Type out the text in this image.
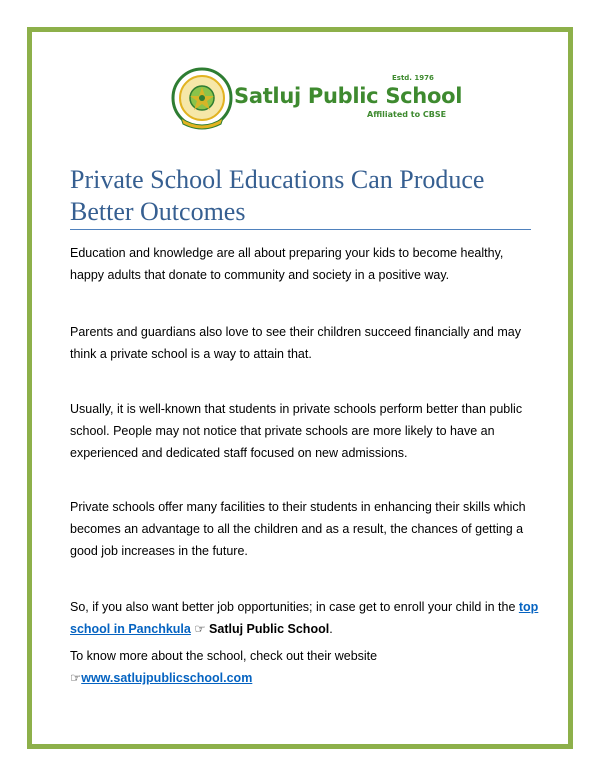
Estd. 1976
Satluj Public School
Affiliated to CBSE
Private School Educations Can Produce Better Outcomes

Education and knowledge are all about preparing your kids to become healthy, happy adults that donate to community and society in a positive way.

Parents and guardians also love to see their children succeed financially and may think a private school is a way to attain that.

Usually, it is well-known that students in private schools perform better than public school. People may not notice that private schools are more likely to have an experienced and dedicated staff focused on new admissions.

Private schools offer many facilities to their students in enhancing their skills which becomes an advantage to all the children and as a result, the chances of getting a good job increases in the future.

So, if you also want better job opportunities; in case get to enroll your child in the top school in Panchkula ☞ Satluj Public School.

To know more about the school, check out their website
☞www.satlujpublicschool.com
